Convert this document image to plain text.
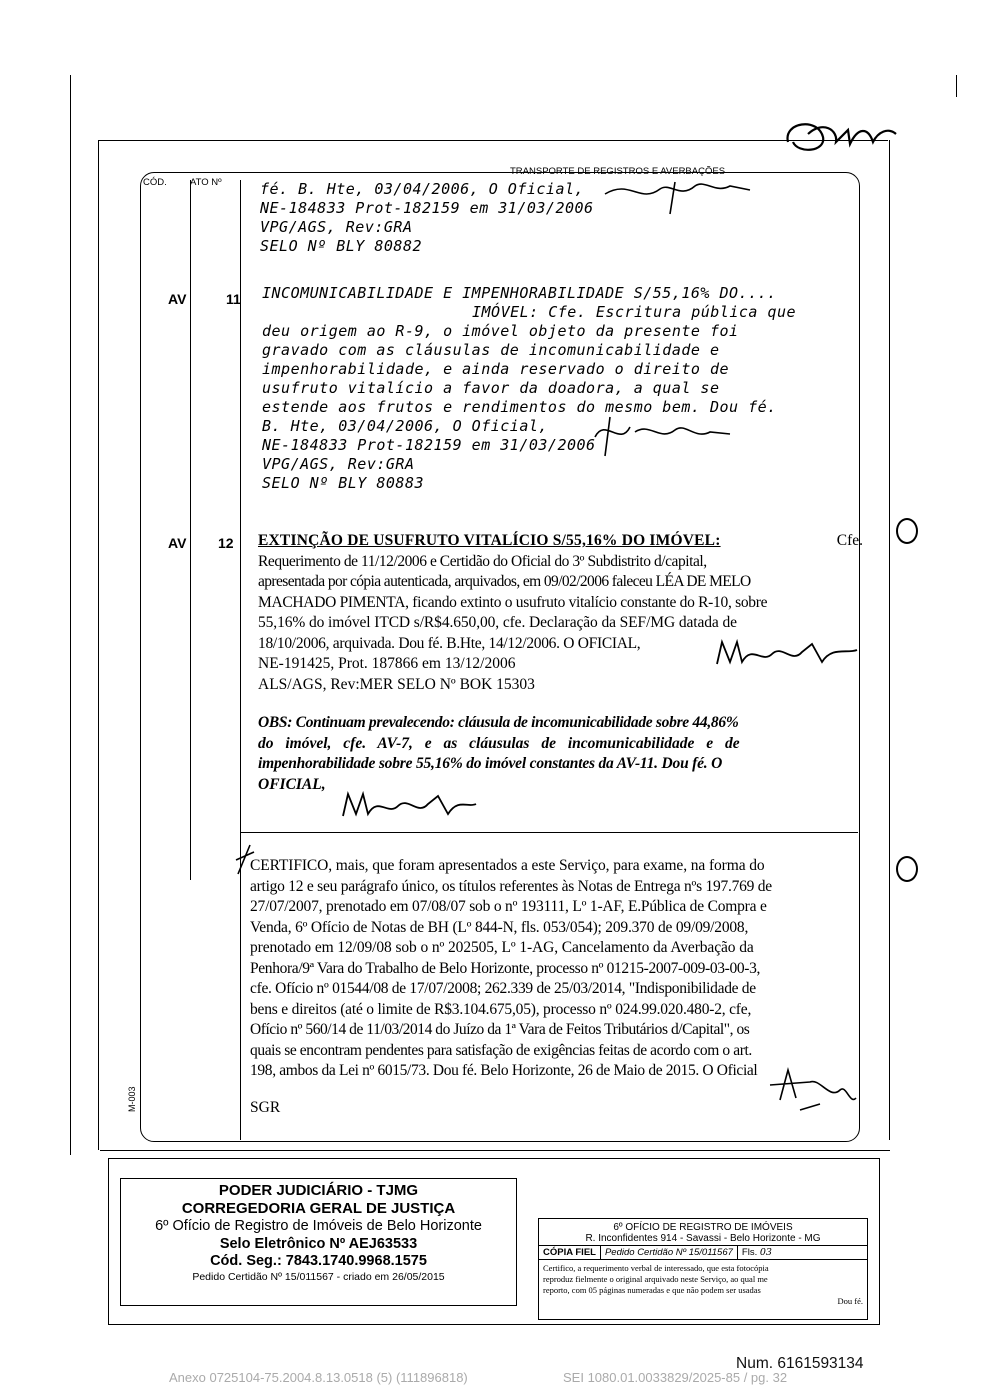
CÓD. ATO Nº
TRANSPORTE DE REGISTROS E AVERBAÇÕES
fé. B. Hte, 03/04/2006, O Oficial,
NE-184833 Prot-182159 em 31/03/2006
VPG/AGS, Rev:GRA
SELO Nº BLY 80882
AV	11 INCOMUNICABILIDADE E IMPENHORABILIDADE S/55,16% DO....
IMÓVEL: Cfe. Escritura pública que
deu origem ao R-9, o imóvel objeto da presente foi
gravado com as cláusulas de incomunicabilidade e
impenhorabilidade, e ainda reservado o direito de
usufruto vitalício a favor da doadora, a qual se
estende aos frutos e rendimentos do mesmo bem. Dou fé.
B. Hte, 03/04/2006, O Oficial,
NE-184833 Prot-182159 em 31/03/2006
VPG/AGS, Rev:GRA
SELO Nº BLY 80883
AV 12 EXTINÇÃO DE USUFRUTO VITALÍCIO S/55,16% DO IMÓVEL:	Cfe.
Requerimento de 11/12/2006 e Certidão do Oficial do 3º Subdistrito d/capital,
apresentada por cópia autenticada, arquivados, em 09/02/2006 faleceu LÉA DE MELO
MACHADO PIMENTA, ficando extinto o usufruto vitalício constante do R-10, sobre
55,16% do imóvel ITCD s/R$4.650,00, cfe. Declaração da SEF/MG datada de
18/10/2006, arquivada. Dou fé. B.Hte, 14/12/2006. O OFICIAL,
NE-191425, Prot. 187866 em 13/12/2006
ALS/AGS, Rev:MER SELO Nº BOK 15303
OBS: Continuam prevalecendo: cláusula de incomunicabilidade sobre 44,86%
do imóvel, cfe. AV-7, e as cláusulas de incomunicabilidade e de
impenhorabilidade sobre 55,16% do imóvel constantes da AV-11. Dou fé. O
OFICIAL,
CERTIFICO, mais, que foram apresentados a este Serviço, para exame, na forma do
artigo 12 e seu parágrafo único, os títulos referentes às Notas de Entrega nºs 197.769 de
27/07/2007, prenotado em 07/08/07 sob o nº 193111, Lº 1-AF, E.Pública de Compra e
Venda, 6º Ofício de Notas de BH (Lº 844-N, fls. 053/054); 209.370 de 09/09/2008,
prenotado em 12/09/08 sob o nº 202505, Lº 1-AG, Cancelamento da Averbação da
Penhora/9ª Vara do Trabalho de Belo Horizonte, processo nº 01215-2007-009-03-00-3,
cfe. Ofício nº 01544/08 de 17/07/2008; 262.339 de 25/03/2014, "Indisponibilidade de
bens e direitos (até o limite de R$3.104.675,05), processo nº 024.99.020.480-2, cfe,
Ofício nº 560/14 de 11/03/2014 do Juízo da 1ª Vara de Feitos Tributários d/Capital", os
quais se encontram pendentes para satisfação de exigências feitas de acordo com o art.
198, ambos da Lei nº 6015/73. Dou fé. Belo Horizonte, 26 de Maio de 2015. O Oficial
SGR
M-003
PODER JUDICIÁRIO - TJMG
CORREGEDORIA GERAL DE JUSTIÇA
6º Ofício de Registro de Imóveis de Belo Horizonte
Selo Eletrônico Nº AEJ63533
Cód. Seg.: 7843.1740.9968.1575
Pedido Certidão Nº 15/011567 - criado em 26/05/2015
6º OFÍCIO DE REGISTRO DE IMÓVEIS
R. Inconfidentes 914 - Savassi - Belo Horizonte - MG
CÓPIA FIEL Pedido Certidão Nº 15/011567 Fls. 03
Certifico, a requerimento verbal de interessado, que esta fotocópia
reproduz fielmente o original arquivado neste Serviço, ao qual me
reporto, com 05 páginas numeradas e que não podem ser usadas
Dou fé.
Num. 6161593134
Anexo 0725104-75.2004.8.13.0518 (5) (111896818)	SEI 1080.01.0033829/2025-85 / pg. 32
